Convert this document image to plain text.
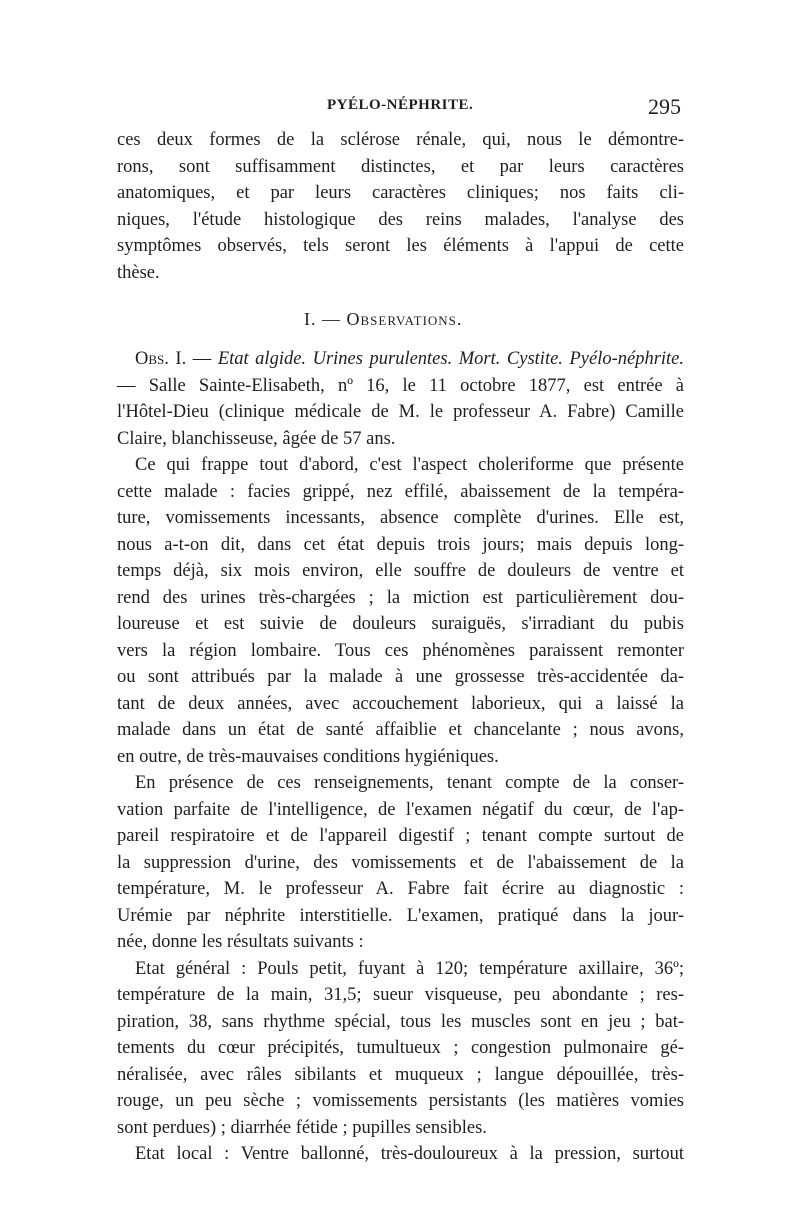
PYÉLO-NÉPHRITE.	295
ces deux formes de la sclérose rénale, qui, nous le démontre-
rons, sont suffisamment distinctes, et par leurs caractères
anatomiques, et par leurs caractères cliniques; nos faits cli-
niques, l'étude histologique des reins malades, l'analyse des
symptômes observés, tels seront les éléments à l'appui de cette
thèse.
I. — Observations.
Obs. I. — Etat algide. Urines purulentes. Mort. Cystite. Pyélo-néphrite.
— Salle Sainte-Elisabeth, nº 16, le 11 octobre 1877, est entrée à
l'Hôtel-Dieu (clinique médicale de M. le professeur A. Fabre) Camille
Claire, blanchisseuse, âgée de 57 ans.
Ce qui frappe tout d'abord, c'est l'aspect choleriforme que présente
cette malade : facies grippé, nez effilé, abaissement de la tempéra-
ture, vomissements incessants, absence complète d'urines. Elle est,
nous a-t-on dit, dans cet état depuis trois jours; mais depuis long-
temps déjà, six mois environ, elle souffre de douleurs de ventre et
rend des urines très-chargées ; la miction est particulièrement dou-
loureuse et est suivie de douleurs suraiguës, s'irradiant du pubis
vers la région lombaire. Tous ces phénomènes paraissent remonter
ou sont attribués par la malade à une grossesse très-accidentée da-
tant de deux années, avec accouchement laborieux, qui a laissé la
malade dans un état de santé affaiblie et chancelante ; nous avons,
en outre, de très-mauvaises conditions hygiéniques.
En présence de ces renseignements, tenant compte de la conser-
vation parfaite de l'intelligence, de l'examen négatif du cœur, de l'ap-
pareil respiratoire et de l'appareil digestif ; tenant compte surtout de
la suppression d'urine, des vomissements et de l'abaissement de la
température, M. le professeur A. Fabre fait écrire au diagnostic :
Urémie par néphrite interstitielle. L'examen, pratiqué dans la jour-
née, donne les résultats suivants :
Etat général : Pouls petit, fuyant à 120; température axillaire, 36º;
température de la main, 31,5; sueur visqueuse, peu abondante ; res-
piration, 38, sans rhythme spécial, tous les muscles sont en jeu ; bat-
tements du cœur précipités, tumultueux ; congestion pulmonaire gé-
néralisée, avec râles sibilants et muqueux ; langue dépouillée, très-
rouge, un peu sèche ; vomissements persistants (les matières vomies
sont perdues) ; diarrhée fétide ; pupilles sensibles.
Etat local : Ventre ballonné, très-douloureux à la pression, surtout
